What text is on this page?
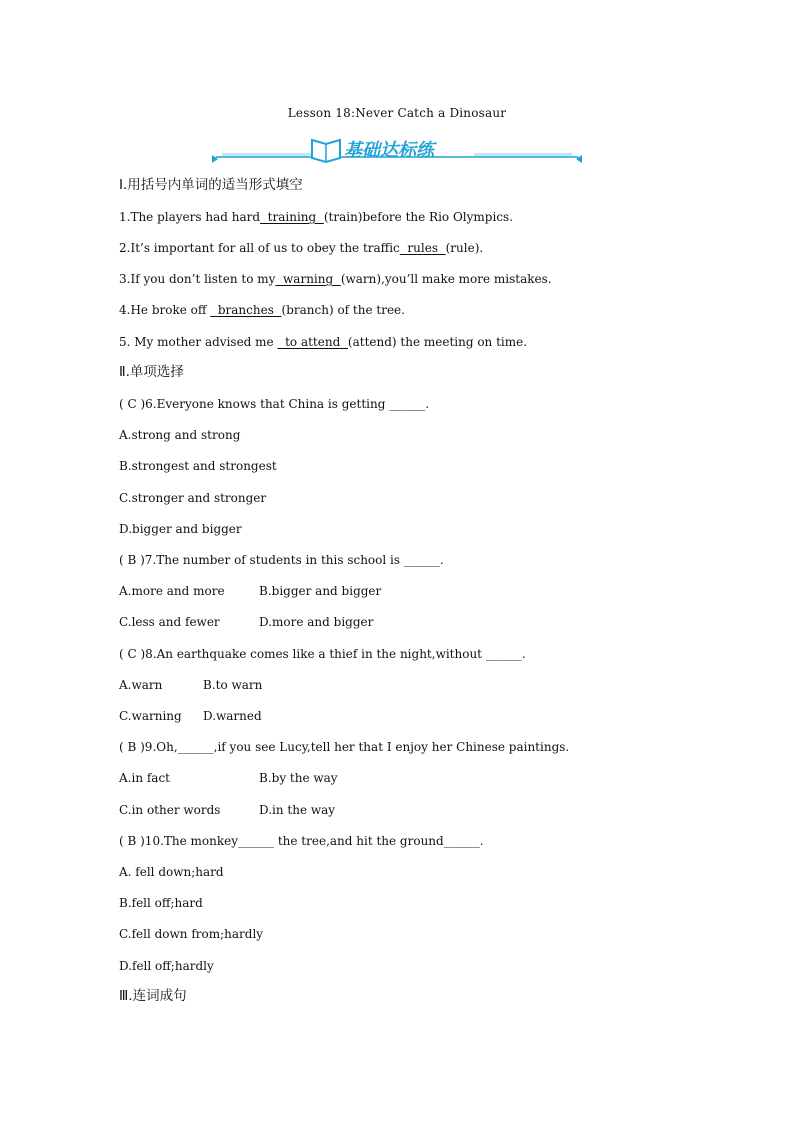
Lesson 18:Never Catch a Dinosaur
基础达标练
Ⅰ.用括号内单词的适当形式填空
1.The players had hard  training  (train)before the Rio Olympics.
2.It’s important for all of us to obey the traffic  rules  (rule).
3.If you don’t listen to my  warning  (warn),you’ll make more mistakes.
4.He broke off   branches  (branch) of the tree.
5. My mother advised me   to attend  (attend) the meeting on time.
Ⅱ.单项选择
( C )6.Everyone knows that China is getting ______.
A.strong and strong
B.strongest and strongest
C.stronger and stronger
D.bigger and bigger
( B )7.The number of students in this school is ______.
A.more and more	B.bigger and bigger
C.less and fewer	D.more and bigger
( C )8.An earthquake comes like a thief in the night,without ______.
A.warn	B.to warn
C.warning D.warned
( B )9.Oh,______,if you see Lucy,tell her that I enjoy her Chinese paintings.
A.in fact	B.by the way
C.in other words	D.in the way
( B )10.The monkey______ the tree,and hit the ground______.
A. fell down;hard
B.fell off;hard
C.fell down from;hardly
D.fell off;hardly
Ⅲ.连词成句
